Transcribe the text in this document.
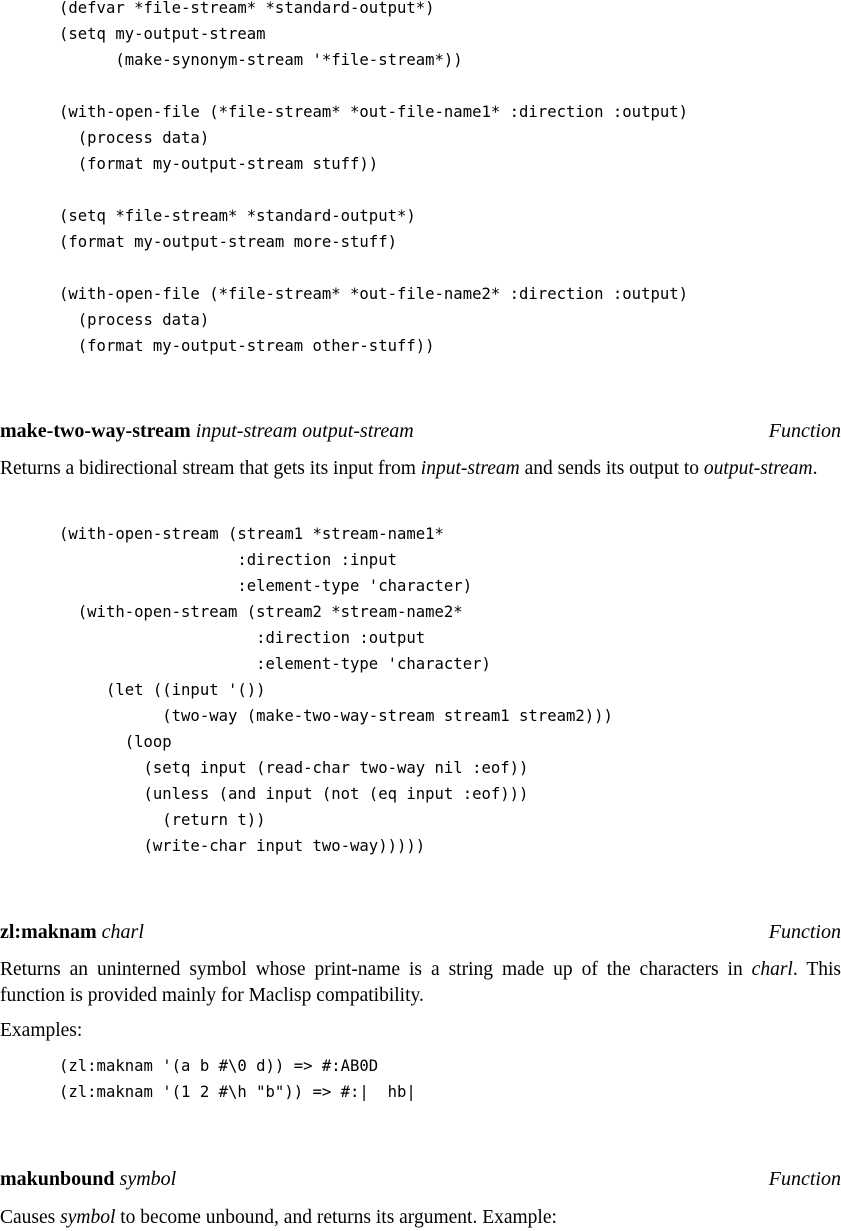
(defvar *file-stream* *standard-output*)
(setq my-output-stream
(make-synonym-stream '*file-stream*))

(with-open-file (*file-stream* *out-file-name1* :direction :output)
(process data)
(format my-output-stream stuff))

(setq *file-stream* *standard-output*)
(format my-output-stream more-stuff)

(with-open-file (*file-stream* *out-file-name2* :direction :output)
(process data)
(format my-output-stream other-stuff))
make-two-way-stream input-stream output-stream	Function
Returns a bidirectional stream that gets its input from input-stream and sends its output to output-stream.
(with-open-stream (stream1 *stream-name1*
:direction :input
:element-type 'character)
(with-open-stream (stream2 *stream-name2*
:direction :output
:element-type 'character)
(let ((input '())
(two-way (make-two-way-stream stream1 stream2)))
(loop
(setq input (read-char two-way nil :eof))
(unless (and input (not (eq input :eof)))
(return t))
(write-char input two-way)))))
zl:maknam charl	Function
Returns an uninterned symbol whose print-name is a string made up of the characters in charl. This function is provided mainly for Maclisp compatibility.
Examples:
(zl:maknam '(a b #\0 d)) => #:AB0D
(zl:maknam '(1 2 #\h "b")) => #:|  hb|
makunbound symbol	Function
Causes symbol to become unbound, and returns its argument. Example:
